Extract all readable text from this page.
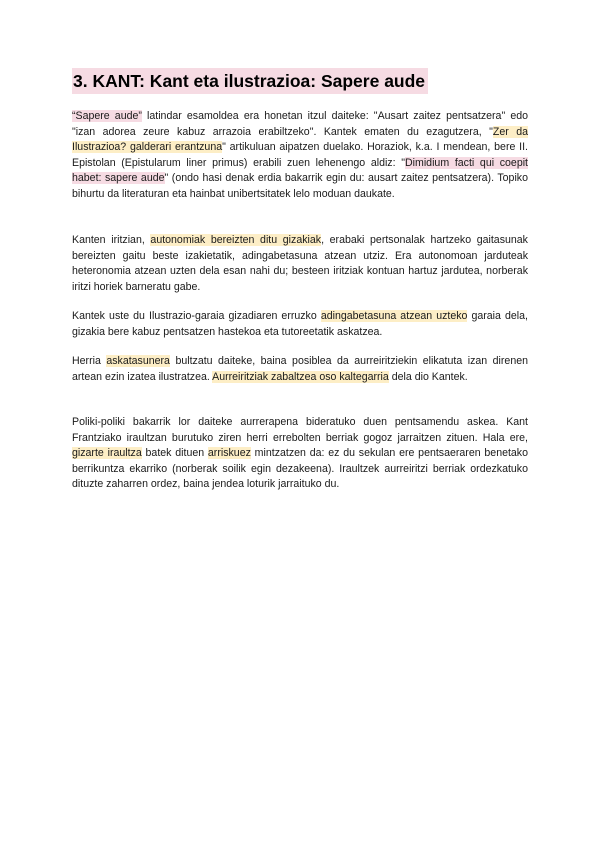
3. KANT: Kant eta ilustrazioa: Sapere aude

“Sapere aude” latindar esamoldea era honetan itzul daiteke: "Ausart zaitez pentsatzera" edo "izan adorea zeure kabuz arrazoia erabiltzeko". Kantek ematen du ezagutzera, "Zer da Ilustrazioa? galderari erantzuna" artikuluan aipatzen duelako. Horaziok, k.a. I mendean, bere II. Epistolan (Epistularum liner primus) erabili zuen lehenengo aldiz: "Dimidium facti qui coepit habet: sapere aude" (ondo hasi denak erdia bakarrik egin du: ausart zaitez pentsatzera). Topiko bihurtu da literaturan eta hainbat unibertsitatek lelo moduan daukate.

Kanten iritzian, autonomiak bereizten ditu gizakiak, erabaki pertsonalak hartzeko gaitasunak bereizten gaitu beste izakietatik, adingabetasuna atzean utziz. Era autonomoan jarduteak heteronomia atzean uzten dela esan nahi du; besteen iritziak kontuan hartuz jardutea, norberak iritzi horiek barneratu gabe.

Kantek uste du Ilustrazio-garaia gizadiaren erruzko adingabetasuna atzean uzteko garaia dela, gizakia bere kabuz pentsatzen hastekoa eta tutoreetatik askatzea.

Herria askatasunera bultzatu daiteke, baina posiblea da aurreiritziekin elikatuta izan direnen artean ezin izatea ilustratzea. Aurreiritziak zabaltzea oso kaltegarria dela dio Kantek.

Poliki-poliki bakarrik lor daiteke aurrerapena bideratuko duen pentsamendu askea. Kant Frantziako iraultzan burutuko ziren herri errebolten berriak gogoz jarraitzen zituen. Hala ere, gizarte iraultza batek dituen arriskuez mintzatzen da: ez du sekulan ere pentsaeraren benetako berrikuntza ekarriko (norberak soilik egin dezakeena). Iraultzek aurreiritzi berriak ordezkatuko dituzte zaharren ordez, baina jendea loturik jarraituko du.
